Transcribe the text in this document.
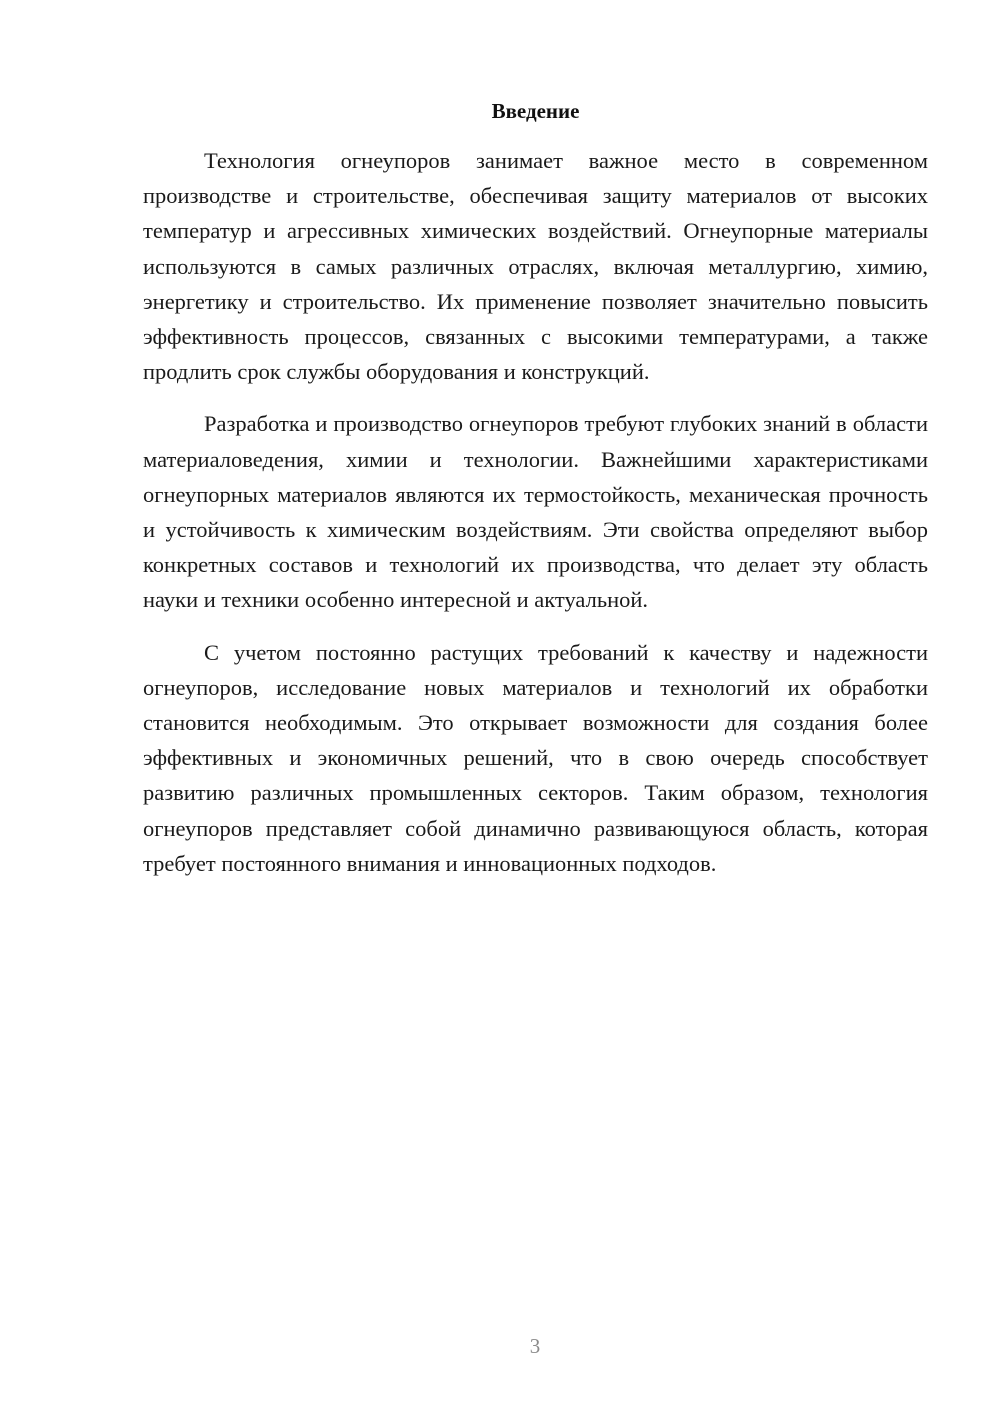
Введение

Технология огнеупоров занимает важное место в современном производстве и строительстве, обеспечивая защиту материалов от высоких температур и агрессивных химических воздействий. Огнеупорные материалы используются в самых различных отраслях, включая металлургию, химию, энергетику и строительство. Их применение позволяет значительно повысить эффективность процессов, связанных с высокими температурами, а также продлить срок службы оборудования и конструкций.

Разработка и производство огнеупоров требуют глубоких знаний в области материаловедения, химии и технологии. Важнейшими характеристиками огнеупорных материалов являются их термостойкость, механическая прочность и устойчивость к химическим воздействиям. Эти свойства определяют выбор конкретных составов и технологий их производства, что делает эту область науки и техники особенно интересной и актуальной.

С учетом постоянно растущих требований к качеству и надежности огнеупоров, исследование новых материалов и технологий их обработки становится необходимым. Это открывает возможности для создания более эффективных и экономичных решений, что в свою очередь способствует развитию различных промышленных секторов. Таким образом, технология огнеупоров представляет собой динамично развивающуюся область, которая требует постоянного внимания и инновационных подходов.

3
